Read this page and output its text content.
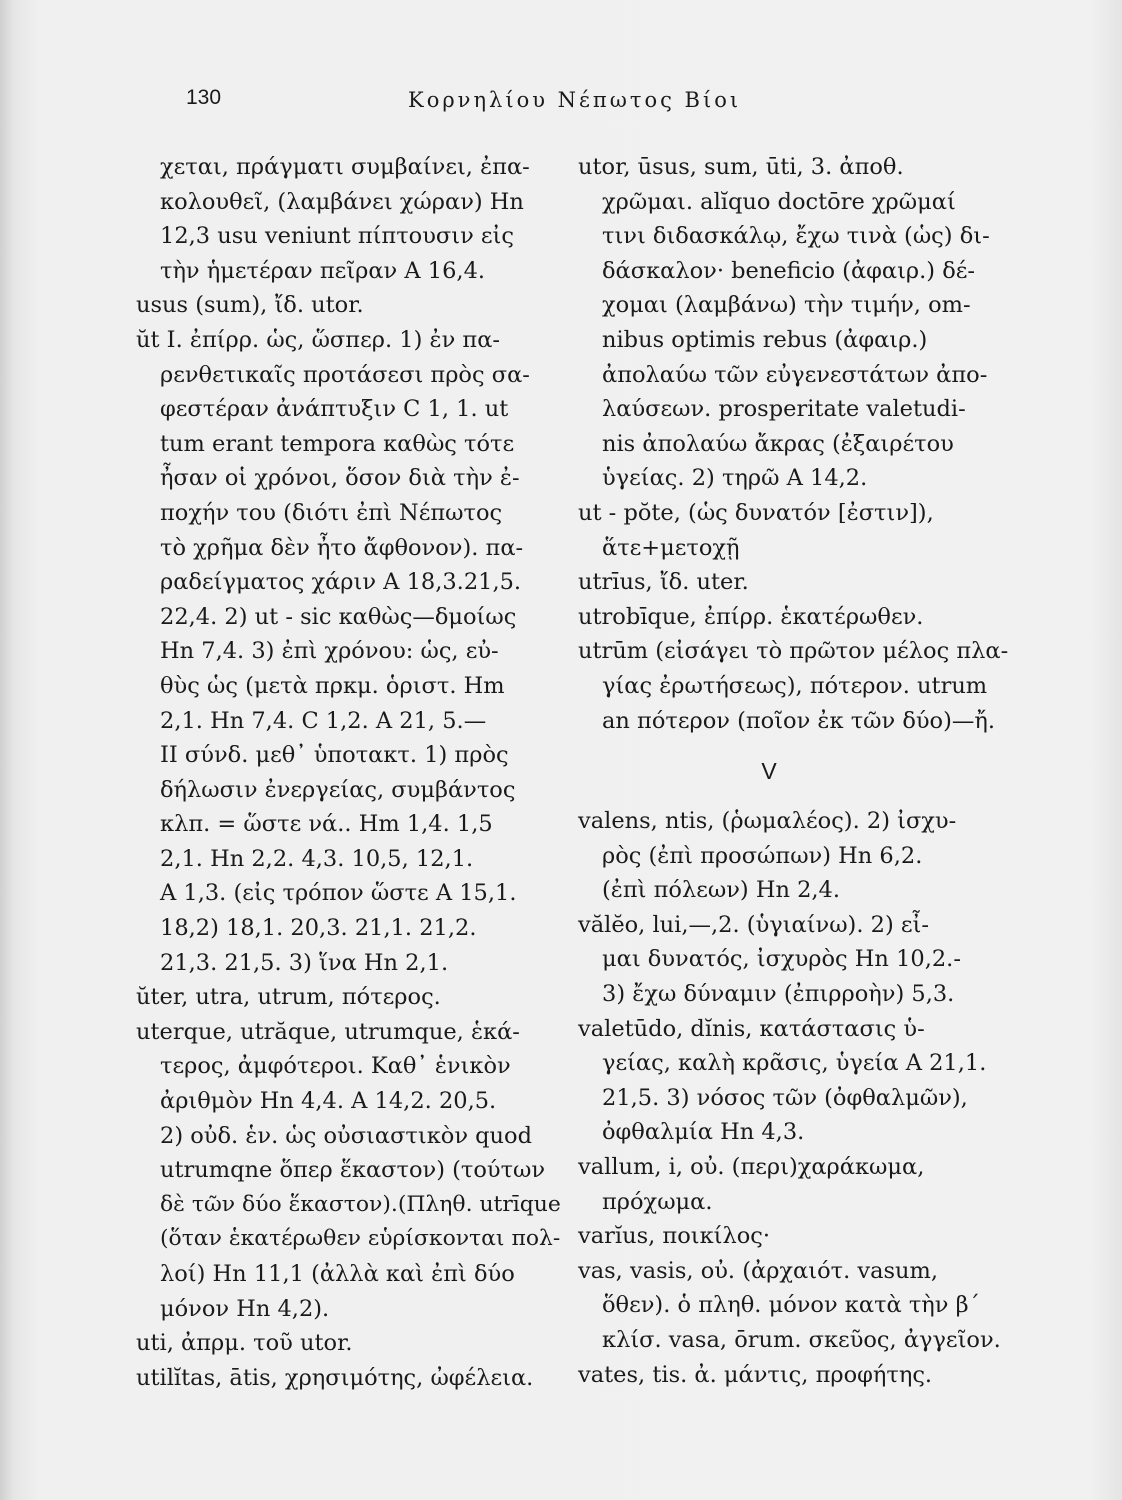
130	Κορνηλίου Νέπωτος Βίοι
χεται, πράγματι συμβαίνει, ἐπα-
κολουθεῖ, (λαμβάνει χώραν) Hn
12,3 usu veniunt πίπτουσιν εἰς
τὴν ἡμετέραν πεῖραν A 16,4.
usus (sum), ἴδ. utor.
ŭt I. ἐπίρρ. ὡς, ὥσπερ. 1) ἐν πα-
ρενθετικαῖς προτάσεσι πρὸς σα-
φεστέραν ἀνάπτυξιν C 1, 1. ut
tum erant tempora καθὼς τότε
ἦσαν οἱ χρόνοι, ὅσον διὰ τὴν ἐ-
ποχήν του (διότι ἐπὶ Νέπωτος
τὸ χρῆμα δὲν ἦτο ἄφθονον). πα-
ραδείγματος χάριν A 18,3.21,5.
22,4. 2) ut - sic καθὼς—δμοίως
Hn 7,4. 3) ἐπὶ χρόνου: ὡς, εὐ-
θὺς ὡς (μετὰ πρκμ. ὁριστ. Hm
2,1. Hn 7,4. C 1,2. A 21, 5.—
II σύνδ. μεθ᾽ ὑποτακτ. 1) πρὸς
δήλωσιν ἐνεργείας, συμβάντος
κλπ. = ὥστε νά.. Hm 1,4. 1,5
2,1. Hn 2,2. 4,3. 10,5, 12,1.
A 1,3. (εἰς τρόπον ὥστε A 15,1.
18,2) 18,1. 20,3. 21,1. 21,2.
21,3. 21,5. 3) ἵνα Hn 2,1.
ŭter, utra, utrum, πότερος.
uterque, utrăque, utrumque, ἑκά-
τερος, ἀμφότεροι. Καθ᾽ ἑνικὸν
ἀριθμὸν Hn 4,4. A 14,2. 20,5.
2) οὐδ. ἑν. ὡς οὐσιαστικὸν quod
utrumqne ὅπερ ἕκαστον) (τούτων
δὲ τῶν δύο ἕκαστον).(Πληθ. utrīque
(ὅταν ἑκατέρωθεν εὑρίσκονται πολ-
λοί) Hn 11,1 (ἀλλὰ καὶ ἐπὶ δύο
μόνον Hn 4,2).
uti, ἀπρμ. τοῦ utor.
utilĭtas, ātis, χρησιμότης, ὠφέλεια.
utor, ūsus, sum, ūti, 3. ἀποθ.
χρῶμαι. alĭquo doctōre χρῶμαί
τινι διδασκάλῳ, ἔχω τινὰ (ὡς) δι-
δάσκαλον· beneficio (ἀφαιρ.) δέ-
χομαι (λαμβάνω) τὴν τιμήν, om-
nibus optimis rebus (ἀφαιρ.)
ἀπολαύω τῶν εὐγενεστάτων ἀπο-
λαύσεων. prosperitate valetudi-
nis ἀπολαύω ἄκρας (ἐξαιρέτου
ὑγείας. 2) τηρῶ A 14,2.
ut - pŏte, (ὡς δυνατόν [ἐστιν]),
ἅτε+μετοχῇ
utrīus, ἴδ. uter.
utrobīque, ἐπίρρ. ἑκατέρωθεν.
utrūm (εἰσάγει τὸ πρῶτον μέλος πλα-
γίας ἐρωτήσεως), πότερον. utrum
an πότερον (ποῖον ἐκ τῶν δύο)—ἤ.
V
valens, ntis, (ῥωμαλέος). 2) ἰσχυ-
ρὸς (ἐπὶ προσώπων) Hn 6,2.
(ἐπὶ πόλεων) Hn 2,4.
vălĕo, lui,—,2. (ὑγιαίνω). 2) εἶ-
μαι δυνατός, ἰσχυρὸς Hn 10,2.-
3) ἔχω δύναμιν (ἐπιρροὴν) 5,3.
valetūdo, dĭnis, κατάστασις ὑ-
γείας, καλὴ κρᾶσις, ὑγεία A 21,1.
21,5. 3) νόσος τῶν (ὀφθαλμῶν),
ὀφθαλμία Hn 4,3.
vallum, i, οὐ. (περι)χαράκωμα,
πρόχωμα.
varĭus, ποικίλος·
vas, vasis, οὐ. (ἀρχαιότ. vasum,
ὅθεν). ὁ πληθ. μόνον κατὰ τὴν β´
κλίσ. vasa, ōrum. σκεῦος, ἀγγεῖον.
vates, tis. ἀ. μάντις, προφήτης.
